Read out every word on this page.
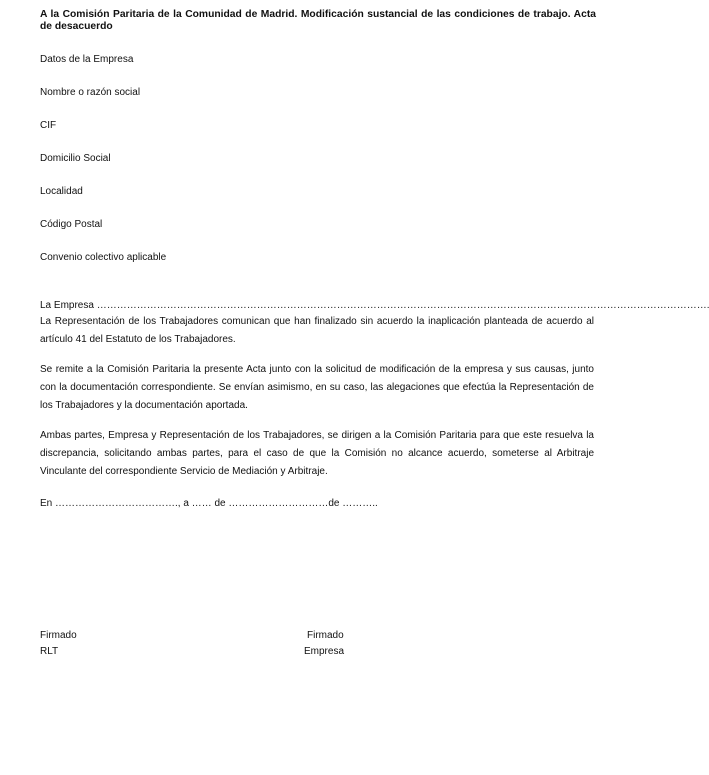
A la Comisión Paritaria de la Comunidad de Madrid. Modificación sustancial de las condiciones de trabajo. Acta de desacuerdo
Datos de la Empresa
Nombre o razón social
CIF
Domicilio Social
Localidad
Código Postal
Convenio colectivo aplicable
La Empresa ………………………………………………………………………………………………………………………………………………………………….
La Representación de los Trabajadores comunican que han finalizado sin acuerdo la inaplicación planteada de acuerdo al artículo 41 del Estatuto de los Trabajadores.
Se remite a la Comisión Paritaria la presente Acta junto con la solicitud de modificación de la empresa y sus causas, junto con la documentación correspondiente. Se envían asimismo, en su caso, las alegaciones que efectúa la Representación de los Trabajadores y la documentación aportada.
Ambas partes, Empresa y Representación de los Trabajadores, se dirigen a la Comisión Paritaria para que este resuelva la discrepancia, solicitando ambas partes, para el caso de que la Comisión no alcance acuerdo, someterse al Arbitraje Vinculante del correspondiente Servicio de Mediación y Arbitraje.
En ………………………………., a …… de …………………………de ………..
Firmado
RLT
Firmado
Empresa
